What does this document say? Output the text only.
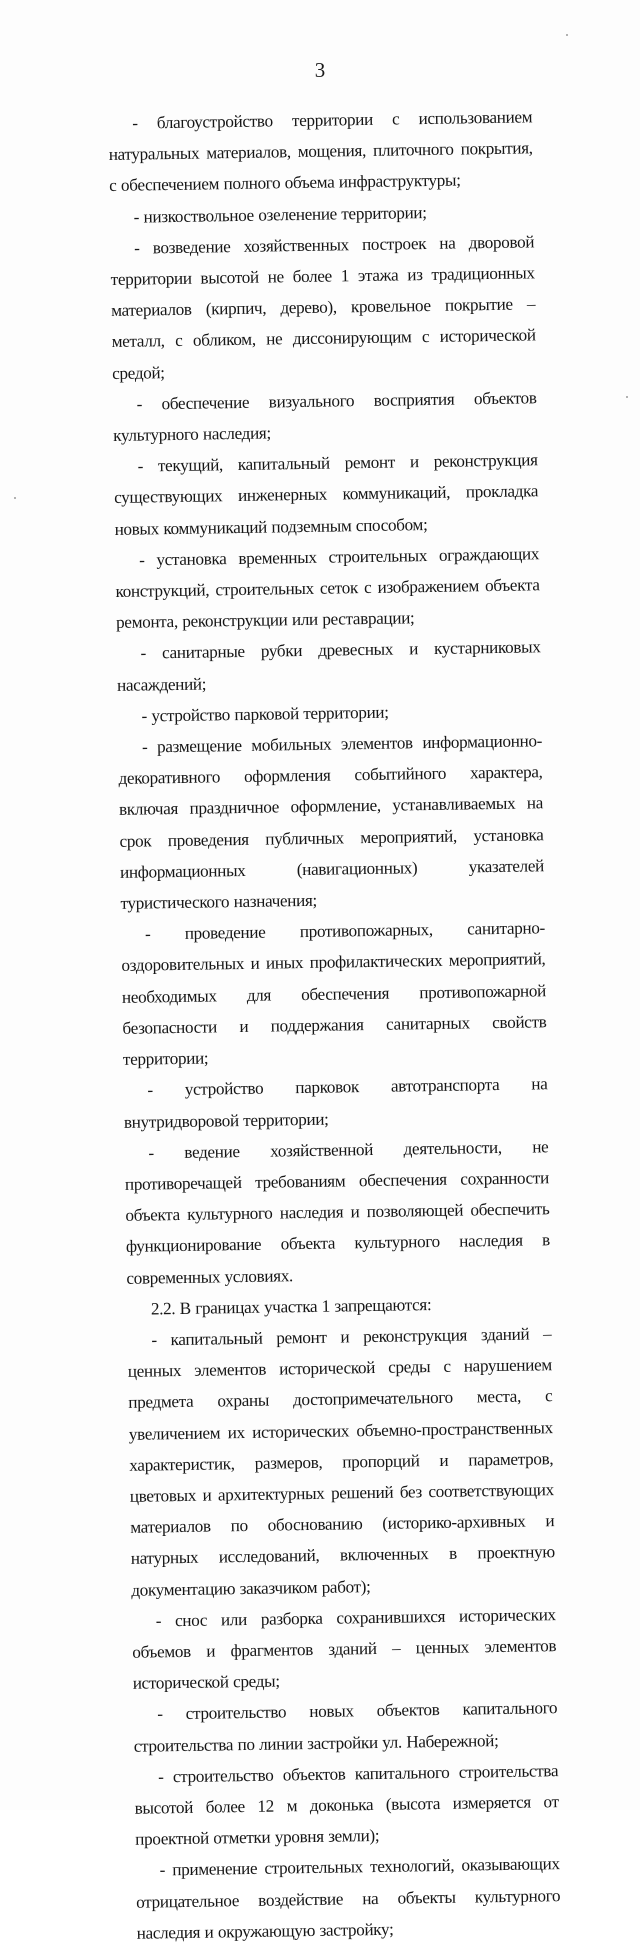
3

- благоустройство территории с использованием натуральных материалов, мощения, плиточного покрытия, с обеспечением полного объема инфраструктуры;

- низкоствольное озеленение территории;

- возведение хозяйственных построек на дворовой территории высотой не более 1 этажа из традиционных материалов (кирпич, дерево), кровельное покрытие – металл, с обликом, не диссонирующим с исторической средой;

- обеспечение визуального восприятия объектов культурного наследия;

- текущий, капитальный ремонт и реконструкция существующих инженерных коммуникаций, прокладка новых коммуникаций подземным способом;

- установка временных строительных ограждающих конструкций, строительных сеток с изображением объекта ремонта, реконструкции или реставрации;

- санитарные рубки древесных и кустарниковых насаждений;

- устройство парковой территории;

- размещение мобильных элементов информационно-декоративного оформления событийного характера, включая праздничное оформление, устанавливаемых на срок проведения публичных мероприятий, установка информационных (навигационных) указателей туристического назначения;

- проведение противопожарных, санитарно-оздоровительных и иных профилактических мероприятий, необходимых для обеспечения противопожарной безопасности и поддержания санитарных свойств территории;

- устройство парковок автотранспорта на внутридворовой территории;

- ведение хозяйственной деятельности, не противоречащей требованиям обеспечения сохранности объекта культурного наследия и позволяющей обеспечить функционирование объекта культурного наследия в современных условиях.

2.2. В границах участка 1 запрещаются:

- капитальный ремонт и реконструкция зданий – ценных элементов исторической среды с нарушением предмета охраны достопримечательного места, с увеличением их исторических объемно-пространственных характеристик, размеров, пропорций и параметров, цветовых и архитектурных решений без соответствующих материалов по обоснованию (историко-архивных и натурных исследований, включенных в проектную документацию заказчиком работ);

- снос или разборка сохранившихся исторических объемов и фрагментов зданий – ценных элементов исторической среды;

- строительство новых объектов капитального строительства по линии застройки ул. Набережной;

- строительство объектов капитального строительства высотой более 12 м доконька (высота измеряется от проектной отметки уровня земли);

- применение строительных технологий, оказывающих отрицательное воздействие на объекты культурного наследия и окружающую застройку;
